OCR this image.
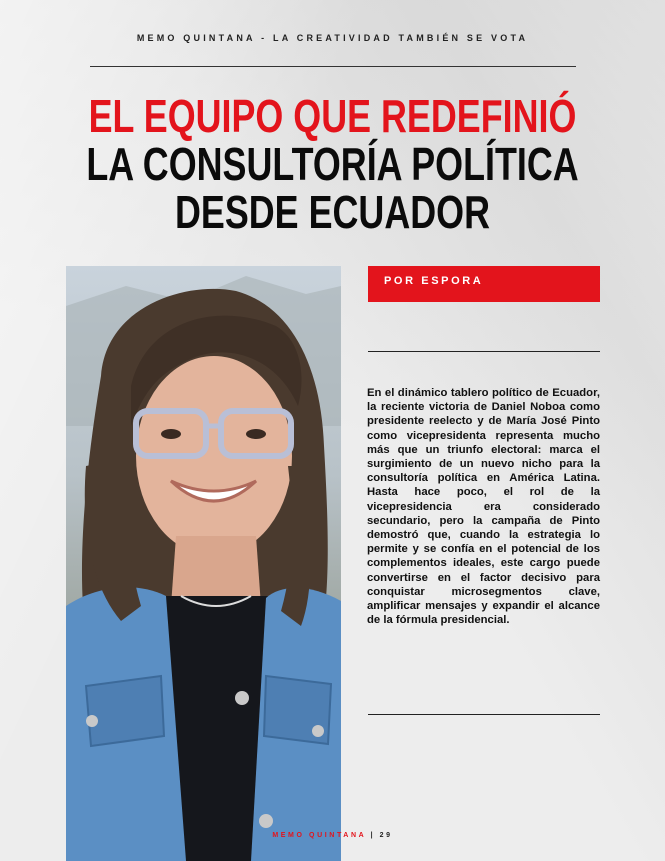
MEMO QUINTANA - LA CREATIVIDAD TAMBIÉN SE VOTA
EL EQUIPO QUE REDEFINIÓ
LA CONSULTORÍA POLÍTICA
DESDE ECUADOR
POR ESPORA
En el dinámico tablero político de Ecuador, la reciente victoria de Daniel Noboa como presidente reelecto y de María José Pinto como vicepresidenta representa mucho más que un triunfo electoral: marca el surgimiento de un nuevo nicho para la consultoría política en América Latina. Hasta hace poco, el rol de la vicepresidencia era considerado secundario, pero la campaña de Pinto demostró que, cuando la estrategia lo permite y se confía en el potencial de los complementos ideales, este cargo puede convertirse en el factor decisivo para conquistar microsegmentos clave, amplificar mensajes y expandir el alcance de la fórmula presidencial.
MEMO QUINTANA | 29
